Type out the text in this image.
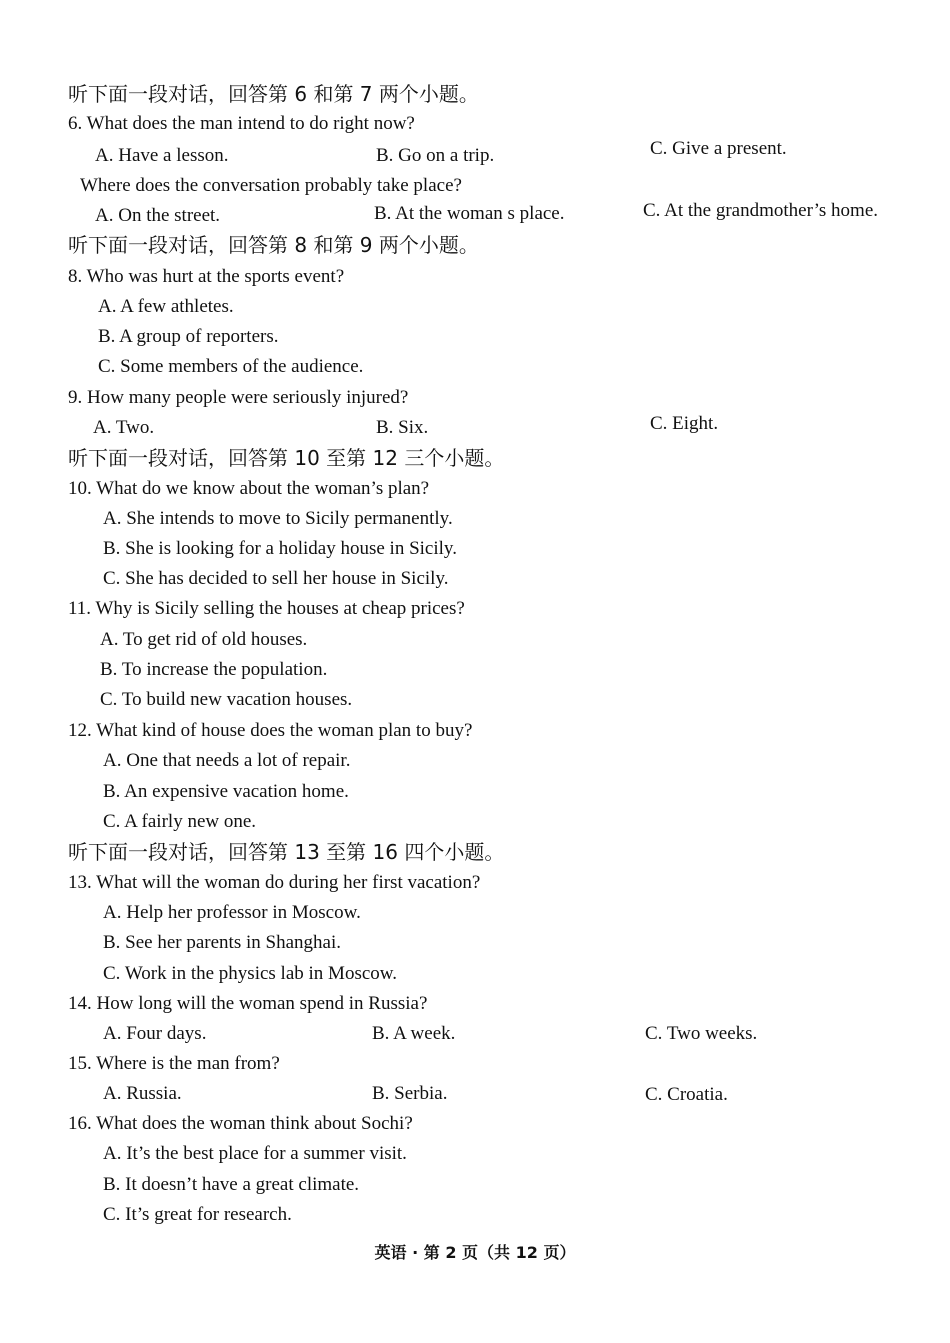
听下面一段对话，回答第 6 和第 7 两个小题。
6. What does the man intend to do right now?
A. Have a lesson.	B. Go on a trip.	C. Give a present.
Where does the conversation probably take place?
A. On the street.	B. At the woman s place.	C. At the grandmother’s home.
听下面一段对话，回答第 8 和第 9 两个小题。
8. Who was hurt at the sports event?
A. A few athletes.
B. A group of reporters.
C. Some members of the audience.
9. How many people were seriously injured?
A. Two.	B. Six.	C. Eight.
听下面一段对话，回答第 10 至第 12 三个小题。
10. What do we know about the woman’s plan?
A. She intends to move to Sicily permanently.
B. She is looking for a holiday house in Sicily.
C. She has decided to sell her house in Sicily.
11. Why is Sicily selling the houses at cheap prices?
A. To get rid of old houses.
B. To increase the population.
C. To build new vacation houses.
12. What kind of house does the woman plan to buy?
A. One that needs a lot of repair.
B. An expensive vacation home.
C. A fairly new one.
听下面一段对话，回答第 13 至第 16 四个小题。
13. What will the woman do during her first vacation?
A. Help her professor in Moscow.
B. See her parents in Shanghai.
C. Work in the physics lab in Moscow.
14. How long will the woman spend in Russia?
A. Four days.	B. A week.	C. Two weeks.
15. Where is the man from?
A. Russia.	B. Serbia.	C. Croatia.
16. What does the woman think about Sochi?
A. It’s the best place for a summer visit.
B. It doesn’t have a great climate.
C. It’s great for research.
英语 · 第 2 页（共 12 页）
